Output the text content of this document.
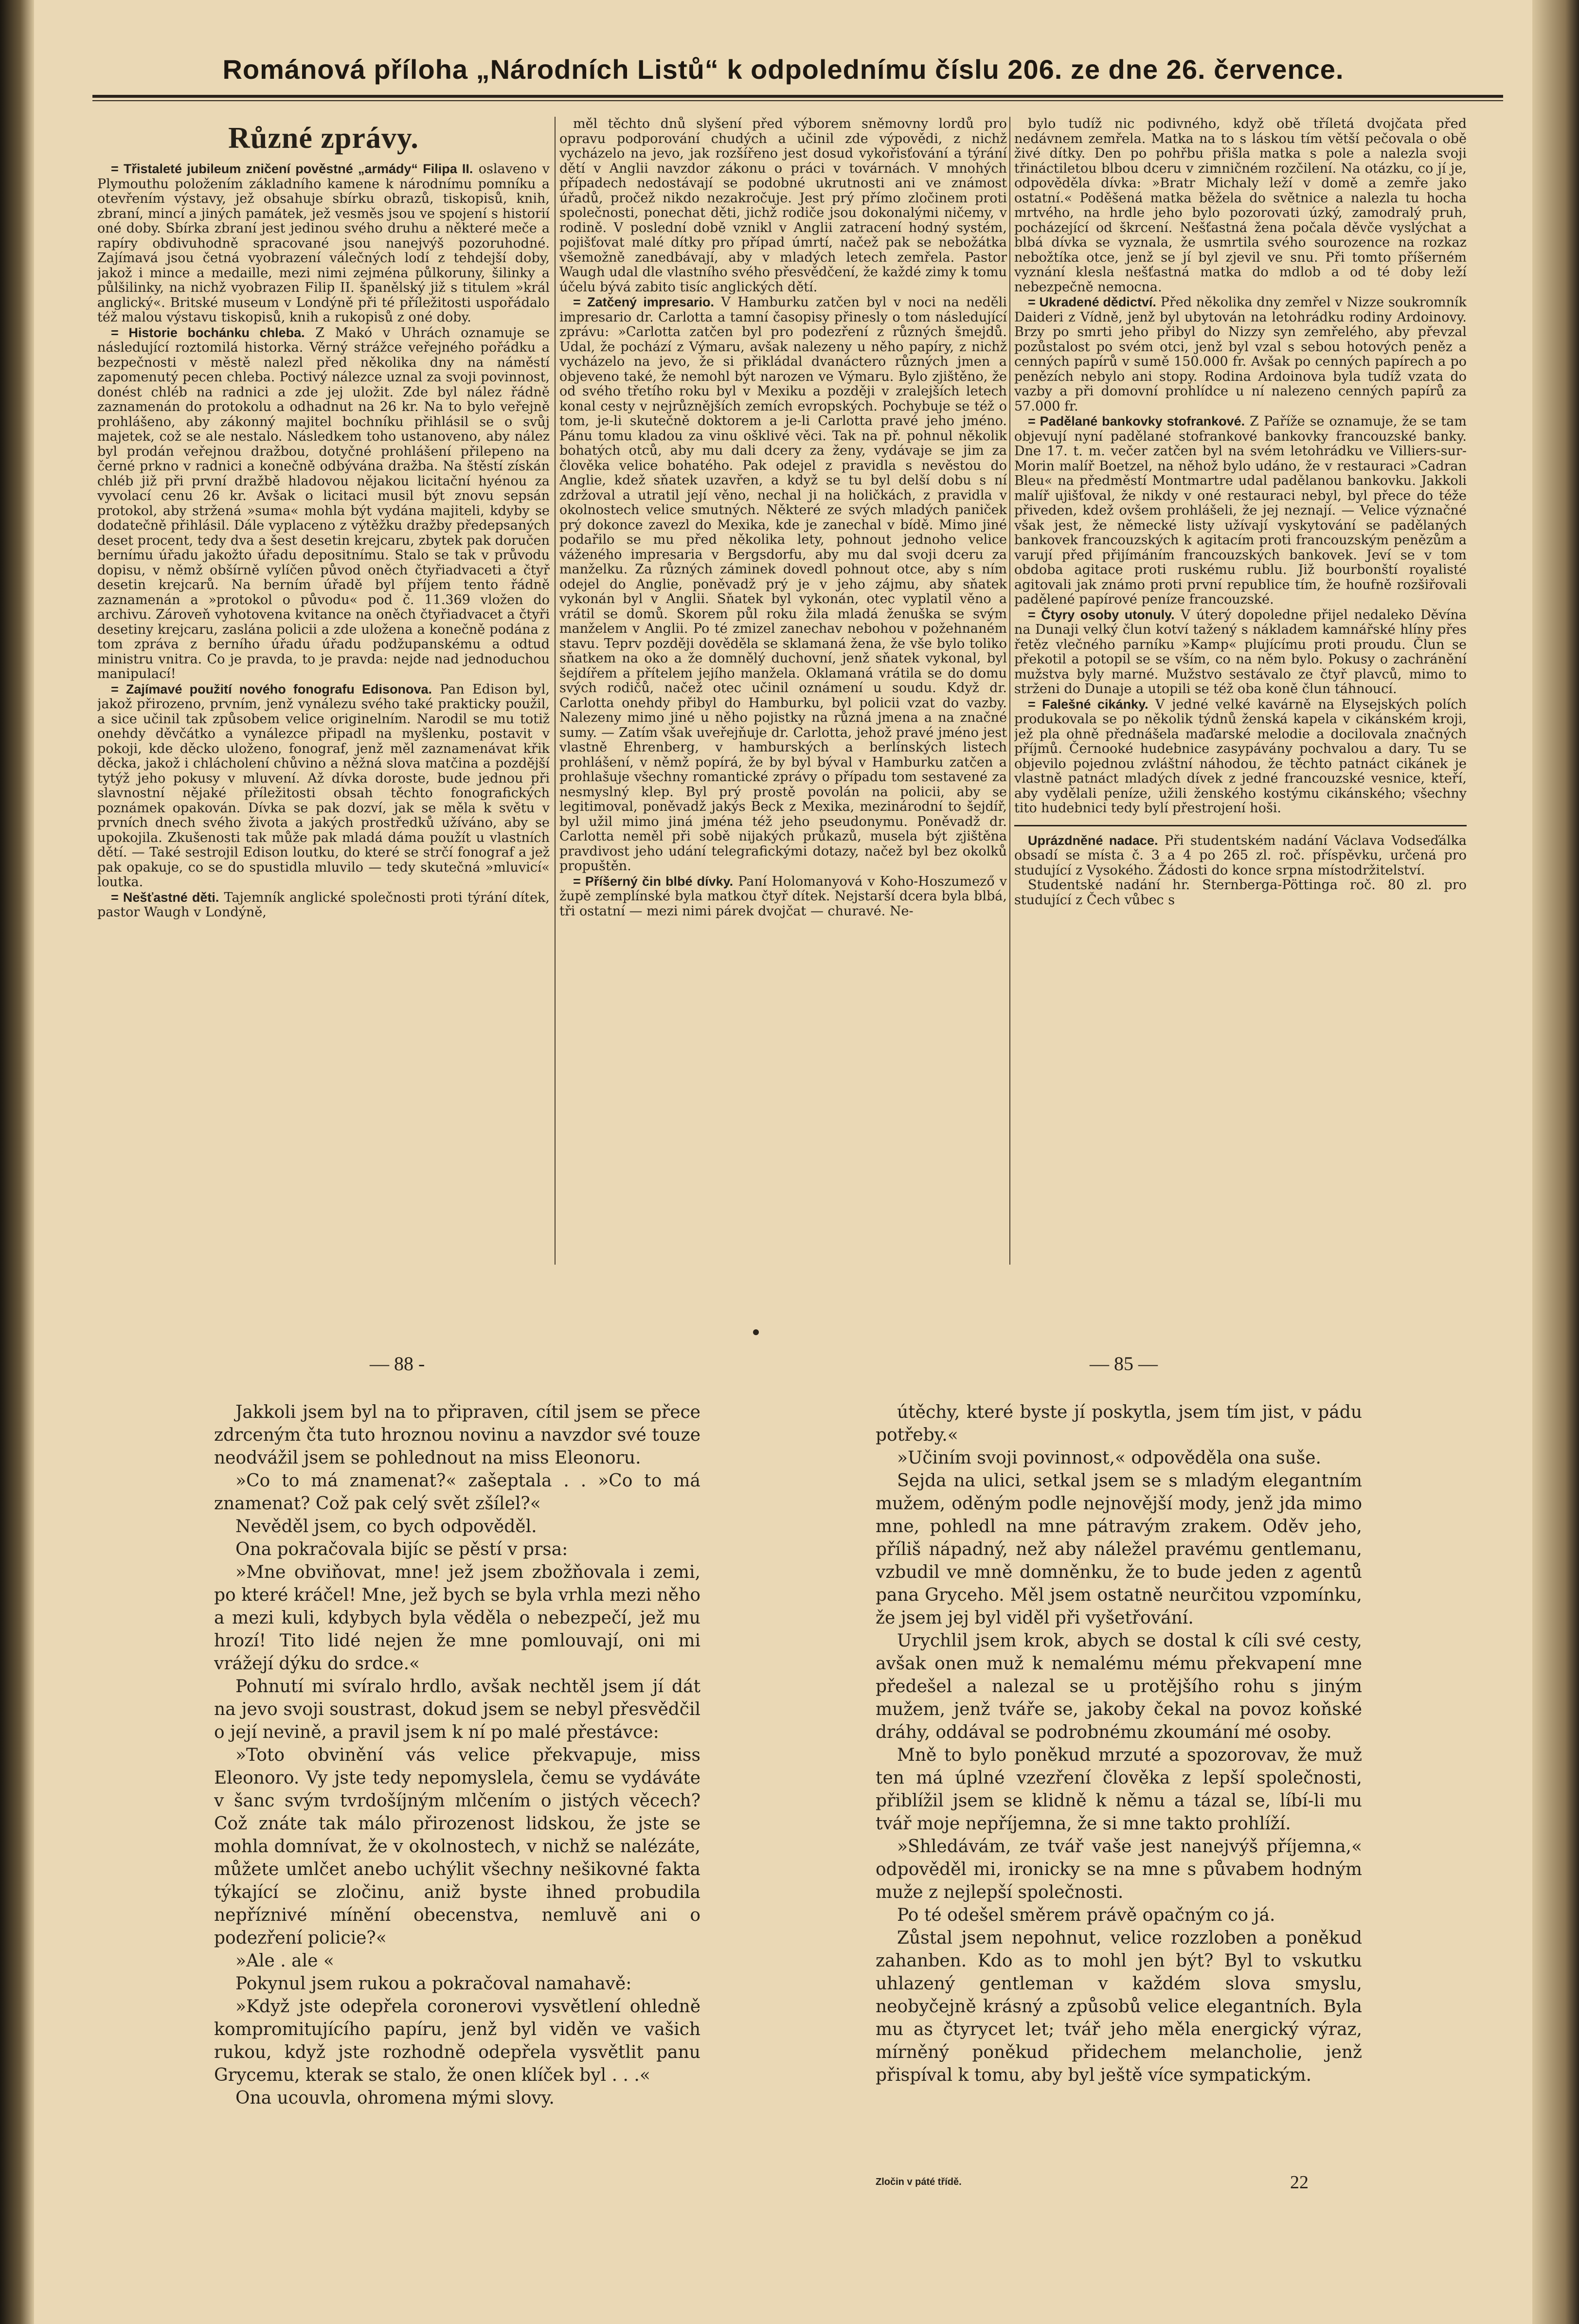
Románová příloha „Národních Listů“ k odpolednímu číslu 206. ze dne 26. července.
Různé zprávy.

= Třistaleté jubileum zničení pověstné „armády“ Filipa II. oslaveno v Plymouthu položením základního kamene k národnímu pomníku a otevřením výstavy, jež obsahuje sbírku obrazů, tiskopisů, knih, zbraní, mincí a jiných památek, jež vesměs jsou ve spojení s historií oné doby. Sbírka zbraní jest jedinou svého druhu a některé meče a rapíry obdivuhodně spracované jsou nanejvýš pozoruhodné. Zajímavá jsou četná vyobrazení válečných lodí z tehdejší doby, jakož i mince a medaille, mezi nimi zejména půlkoruny, šilinky a půlšilinky, na nichž vyobrazen Filip II. španělský již s titulem »král anglický«. Britské museum v Londýně při té příležitosti uspořádalo též malou výstavu tiskopisů, knih a rukopisů z oné doby.

= Historie bochánku chleba. Z Makó v Uhrách oznamuje se následující roztomilá historka. Věrný strážce veřejného pořádku a bezpečnosti v městě nalezl před několika dny na náměstí zapomenutý pecen chleba. Poctivý nálezce uznal za svoji povinnost, donést chléb na radnici a zde jej uložit. Zde byl nález řádně zaznamenán do protokolu a odhadnut na 26 kr. Na to bylo veřejně prohlášeno, aby zákonný majitel bochníku přihlásil se o svůj majetek, což se ale nestalo. Následkem toho ustanoveno, aby nález byl prodán veřejnou dražbou, dotyčné prohlášení přilepeno na černé prkno v radnici a konečně odbývána dražba. Na štěstí získán chléb již při první dražbě hladovou nějakou licitační hyénou za vyvolací cenu 26 kr. Avšak o licitaci musil být znovu sepsán protokol, aby stržená »suma« mohla být vydána majiteli, kdyby se dodatečně přihlásil. Dále vyplaceno z výtěžku dražby předepsaných deset procent, tedy dva a šest desetin krejcaru, zbytek pak doručen bernímu úřadu jakožto úřadu depositnímu. Stalo se tak v průvodu dopisu, v němž obšírně vylíčen původ oněch čtyřiadvaceti a čtyř desetin krejcarů. Na berním úřadě byl příjem tento řádně zaznamenán a »protokol o původu« pod č. 11.369 vložen do archivu. Zároveň vyhotovena kvitance na oněch čtyřiadvacet a čtyři desetiny krejcaru, zaslána policii a zde uložena a konečně podána z tom zpráva z berního úřadu úřadu podžupanskému a odtud ministru vnitra. Co je pravda, to je pravda: nejde nad jednoduchou manipulací!

= Zajímavé použití nového fonografu Edisonova. Pan Edison byl, jakož přirozeno, prvním, jenž vynálezu svého také prakticky použil, a sice učinil tak způsobem velice originelním. Narodil se mu totiž onehdy děvčátko a vynálezce připadl na myšlenku, postavit v pokoji, kde děcko uloženo, fonograf, jenž měl zaznamenávat křik děcka, jakož i chlácholení chůvino a něžná slova matčina a pozdější tytýž jeho pokusy v mluvení. Až dívka doroste, bude jednou při slavnostní nějaké příležitosti obsah těchto fonografických poznámek opakován. Dívka se pak dozví, jak se měla k světu v prvních dnech svého života a jakých prostředků užíváno, aby se upokojila. Zkušenosti tak může pak mladá dáma použít u vlastních dětí. — Také sestrojil Edison loutku, do které se strčí fonograf a jež pak opakuje, co se do spustidla mluvilo — tedy skutečná »mluvicí« loutka.

= Nešťastné děti. Tajemník anglické společnosti proti týrání dítek, pastor Waugh v Londýně,

měl těchto dnů slyšení před výborem sněmovny lordů pro opravu podporování chudých a učinil zde výpovědi, z nichž vycházelo na jevo, jak rozšířeno jest dosud vykořisťování a týrání dětí v Anglii navzdor zákonu o práci v továrnách. V mnohých případech nedostávají se podobné ukrutnosti ani ve známost úřadů, pročež nikdo nezakročuje. Jest prý přímo zločinem proti společnosti, ponechat děti, jichž rodiče jsou dokonalými ničemy, v rodině. V poslední době vznikl v Anglii zatracení hodný systém, pojišťovat malé dítky pro případ úmrtí, načež pak se nebožátka všemožně zanedbávají, aby v mladých letech zemřela. Pastor Waugh udal dle vlastního svého přesvědčení, že každé zimy k tomu účelu bývá zabito tisíc anglických dětí.

= Zatčený impresario. V Hamburku zatčen byl v noci na neděli impresario dr. Carlotta a tamní časopisy přinesly o tom následující zprávu: »Carlotta zatčen byl pro podezření z různých šmejdů. Udal, že pochází z Výmaru, avšak nalezeny u něho papíry, z nichž vycházelo na jevo, že si přikládal dvanáctero různých jmen a objeveno také, že nemohl být narozen ve Výmaru. Bylo zjištěno, že od svého třetího roku byl v Mexiku a později v zralejších letech konal cesty v nejrůznějších zemích evropských. Pochybuje se též o tom, je-li skutečně doktorem a je-li Carlotta pravé jeho jméno. Pánu tomu kladou za vinu ošklivé věci. Tak na př. pohnul několik bohatých otců, aby mu dali dcery za ženy, vydávaje se jim za člověka velice bohatého. Pak odejel z pravidla s nevěstou do Anglie, kdež sňatek uzavřen, a když se tu byl delší dobu s ní zdržoval a utratil její věno, nechal ji na holičkách, z pravidla v okolnostech velice smutných. Některé ze svých mladých paniček prý dokonce zavezl do Mexika, kde je zanechal v bídě. Mimo jiné podařilo se mu před několika lety, pohnout jednoho velice váženého impresaria v Bergsdorfu, aby mu dal svoji dceru za manželku. Za různých záminek dovedl pohnout otce, aby s ním odejel do Anglie, poněvadž prý je v jeho zájmu, aby sňatek vykonán byl v Anglii. Sňatek byl vykonán, otec vyplatil věno a vrátil se domů. Skorem půl roku žila mladá ženuška se svým manželem v Anglii. Po té zmizel zanechav nebohou v požehnaném stavu. Teprv později dověděla se sklamaná žena, že vše bylo toliko sňatkem na oko a že domnělý duchovní, jenž sňatek vykonal, byl šejdířem a přítelem jejího manžela. Oklamaná vrátila se do domu svých rodičů, načež otec učinil oznámení u soudu. Když dr. Carlotta onehdy přibyl do Hamburku, byl policii vzat do vazby. Nalezeny mimo jiné u něho pojistky na různá jmena a na značné sumy. — Zatím však uveřejňuje dr. Carlotta, jehož pravé jméno jest vlastně Ehrenberg, v hamburských a berlínských listech prohlášení, v němž popírá, že by byl býval v Hamburku zatčen a prohlašuje všechny romantické zprávy o případu tom sestavené za nesmyslný klep. Byl prý prostě povolán na policii, aby se legitimoval, poněvadž jakýs Beck z Mexika, mezinárodní to šejdíř, byl užil mimo jiná jména též jeho pseudonymu. Poněvadž dr. Carlotta neměl při sobě nijakých průkazů, musela být zjištěna pravdivost jeho udání telegrafickými dotazy, načež byl bez okolků propuštěn.

= Příšerný čin blbé dívky. Paní Holomanyová v Koho-Hoszumező v župě zemplínské byla matkou čtyř dítek. Nejstarší dcera byla blbá, tři ostatní — mezi nimi párek dvojčat — churavé. Ne-

bylo tudíž nic podivného, když obě tříletá dvojčata před nedávnem zemřela. Matka na to s láskou tím větší pečovala o obě živé dítky. Den po pohřbu přišla matka s pole a nalezla svoji třináctiletou blbou dceru v zimničném rozčilení. Na otázku, co jí je, odpověděla dívka: »Bratr Michaly leží v domě a zemře jako ostatní.« Poděšená matka běžela do světnice a nalezla tu hocha mrtvého, na hrdle jeho bylo pozorovati úzký, zamodralý pruh, pocházející od škrcení. Nešťastná žena počala děvče vyslýchat a blbá dívka se vyznala, že usmrtila svého sourozence na rozkaz nebožtíka otce, jenž se jí byl zjevil ve snu. Při tomto příšerném vyznání klesla nešťastná matka do mdlob a od té doby leží nebezpečně nemocna.

= Ukradené dědictví. Před několika dny zemřel v Nizze soukromník Daideri z Vídně, jenž byl ubytován na letohrádku rodiny Ardoinovy. Brzy po smrti jeho přibyl do Nizzy syn zemřelého, aby převzal pozůstalost po svém otci, jenž byl vzal s sebou hotových peněz a cenných papírů v sumě 150.000 fr. Avšak po cenných papírech a po penězích nebylo ani stopy. Rodina Ardoinova byla tudíž vzata do vazby a při domovní prohlídce u ní nalezeno cenných papírů za 57.000 fr.

= Padělané bankovky stofrankové. Z Paříže se oznamuje, že se tam objevují nyní padělané stofrankové bankovky francouzské banky. Dne 17. t. m. večer zatčen byl na svém letohrádku ve Villiers-sur-Morin malíř Boetzel, na něhož bylo udáno, že v restauraci »Cadran Bleu« na předměstí Montmartre udal padělanou bankovku. Jakkoli malíř ujišťoval, že nikdy v oné restauraci nebyl, byl přece do téže přiveden, kdež ovšem prohlášeli, že jej neznají. — Velice význačné však jest, že německé listy užívají vyskytování se padělaných bankovek francouzských k agitacím proti francouzským penězům a varují před přijímáním francouzských bankovek. Jeví se v tom obdoba agitace proti ruskému rublu. Již bourbonští royalisté agitovali jak známo proti první republice tím, že houfně rozšiřovali padělené papírové peníze francouzské.

= Čtyry osoby utonuly. V úterý dopoledne přijel nedaleko Děvína na Dunaji velký člun kotví tažený s nákladem kamnářské hlíny přes řetěz vlečného parníku »Kamp« plujícímu proti proudu. Člun se překotil a potopil se se vším, co na něm bylo. Pokusy o zachránění mužstva byly marné. Mužstvo sestávalo ze čtyř plavců, mimo to strženi do Dunaje a utopili se též oba koně člun táhnoucí.

= Falešné cikánky. V jedné velké kavárně na Elysejských polích produkovala se po několik týdnů ženská kapela v cikánském kroji, jež pla ohně přednášela maďarské melodie a docilovala značných příjmů. Černooké hudebnice zasypávány pochvalou a dary. Tu se objevilo pojednou zvláštní náhodou, že těchto patnáct cikánek je vlastně patnáct mladých dívek z jedné francouzské vesnice, kteří, aby vydělali peníze, užili ženského kostýmu cikánského; všechny tito hudebnici tedy bylí přestrojení hoši.

Uprázdněné nadace. Při studentském nadání Václava Vodseďálka obsadí se místa č. 3 a 4 po 265 zl. roč. příspěvku, určená pro studující z Vysokého. Žádosti do konce srpna místodržitelství.

Studentské nadání hr. Sternberga-Pöttinga roč. 80 zl. pro studující z Čech vůbec s

— 88 -	— 85 —

Jakkoli jsem byl na to připraven, cítil jsem se přece zdrceným čta tuto hroznou novinu a navzdor své touze neodvážil jsem se pohlednout na miss Eleonoru.

»Co to má znamenat?« zašeptala . . »Co to má znamenat? Což pak celý svět zšílel?«

Nevěděl jsem, co bych odpověděl.

Ona pokračovala bijíc se pěstí v prsa:

»Mne obviňovat, mne! jež jsem zbožňovala i zemi, po které kráčel! Mne, jež bych se byla vrhla mezi něho a mezi kuli, kdybych byla věděla o nebezpečí, jež mu hrozí! Tito lidé nejen že mne pomlouvají, oni mi vrážejí dýku do srdce.«

Pohnutí mi svíralo hrdlo, avšak nechtěl jsem jí dát na jevo svoji soustrast, dokud jsem se nebyl přesvědčil o její nevině, a pravil jsem k ní po malé přestávce:

»Toto obvinění vás velice překvapuje, miss Eleonoro. Vy jste tedy nepomyslela, čemu se vydáváte v šanc svým tvrdošíjným mlčením o jistých věcech? Což znáte tak málo přirozenost lidskou, že jste se mohla domnívat, že v okolnostech, v nichž se nalézáte, můžete umlčet anebo uchýlit všechny nešikovné fakta týkající se zločinu, aniž byste ihned probudila nepříznivé mínění obecenstva, nemluvě ani o podezření policie?«

»Ale . ale «

Pokynul jsem rukou a pokračoval namahavě:

»Když jste odepřela coronerovi vysvětlení ohledně kompromitujícího papíru, jenž byl viděn ve vašich rukou, když jste rozhodně odepřela vysvětlit panu Grycemu, kterak se stalo, že onen klíček byl . . .«

Ona ucouvla, ohromena mými slovy.

útěchy, které byste jí poskytla, jsem tím jist, v pádu potřeby.«

»Učiním svoji povinnost,« odpověděla ona suše.

Sejda na ulici, setkal jsem se s mladým elegantním mužem, oděným podle nejnovější mody, jenž jda mimo mne, pohledl na mne pátravým zrakem. Oděv jeho, příliš nápadný, než aby náležel pravému gentlemanu, vzbudil ve mně domněnku, že to bude jeden z agentů pana Gryceho. Měl jsem ostatně neurčitou vzpomínku, že jsem jej byl viděl při vyšetřování.

Urychlil jsem krok, abych se dostal k cíli své cesty, avšak onen muž k nemalému mému překvapení mne předešel a nalezal se u protějšího rohu s jiným mužem, jenž tváře se, jakoby čekal na povoz koňské dráhy, oddával se podrobnému zkoumání mé osoby.

Mně to bylo poněkud mrzuté a spozorovav, že muž ten má úplné vzezření člověka z lepší společnosti, přiblížil jsem se klidně k němu a tázal se, líbí-li mu tvář moje nepříjemna, že si mne takto prohlíží.

»Shledávám, ze tvář vaše jest nanejvýš příjemna,« odpověděl mi, ironicky se na mne s půvabem hodným muže z nejlepší společnosti.

Po té odešel směrem právě opačným co já.

Zůstal jsem nepohnut, velice rozzloben a poněkud zahanben. Kdo as to mohl jen být? Byl to vskutku uhlazený gentleman v každém slova smyslu, neobyčejně krásný a způsobů velice elegantních. Byla mu as čtyrycet let; tvář jeho měla energický výraz, mírněný poněkud přidechem melancholie, jenž přispíval k tomu, aby byl ještě více sympatickým.

Zločin v páté třídě.	22
